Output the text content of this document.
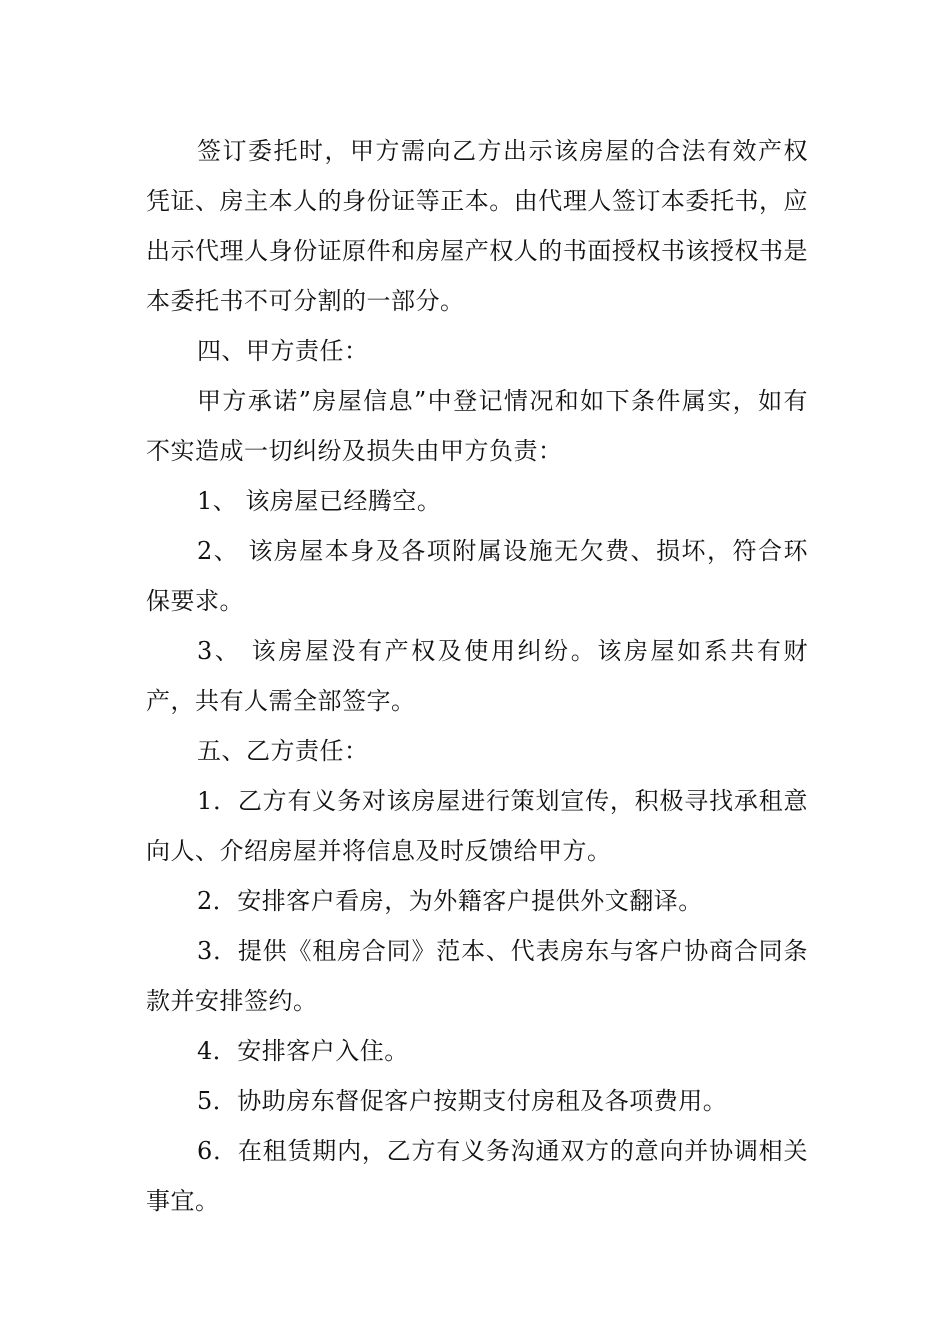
签订委托时，甲方需向乙方出示该房屋的合法有效产权凭证、房主本人的身份证等正本。由代理人签订本委托书，应出示代理人身份证原件和房屋产权人的书面授权书该授权书是本委托书不可分割的一部分。

四、甲方责任：

甲方承诺”房屋信息”中登记情况和如下条件属实，如有不实造成一切纠纷及损失由甲方负责：

1、 该房屋已经腾空。

2、 该房屋本身及各项附属设施无欠费、损坏，符合环保要求。

3、 该房屋没有产权及使用纠纷。该房屋如系共有财产，共有人需全部签字。

五、乙方责任：

1．乙方有义务对该房屋进行策划宣传，积极寻找承租意向人、介绍房屋并将信息及时反馈给甲方。

2．安排客户看房，为外籍客户提供外文翻译。

3．提供《租房合同》范本、代表房东与客户协商合同条款并安排签约。

4．安排客户入住。

5．协助房东督促客户按期支付房租及各项费用。

6．在租赁期内，乙方有义务沟通双方的意向并协调相关事宜。
